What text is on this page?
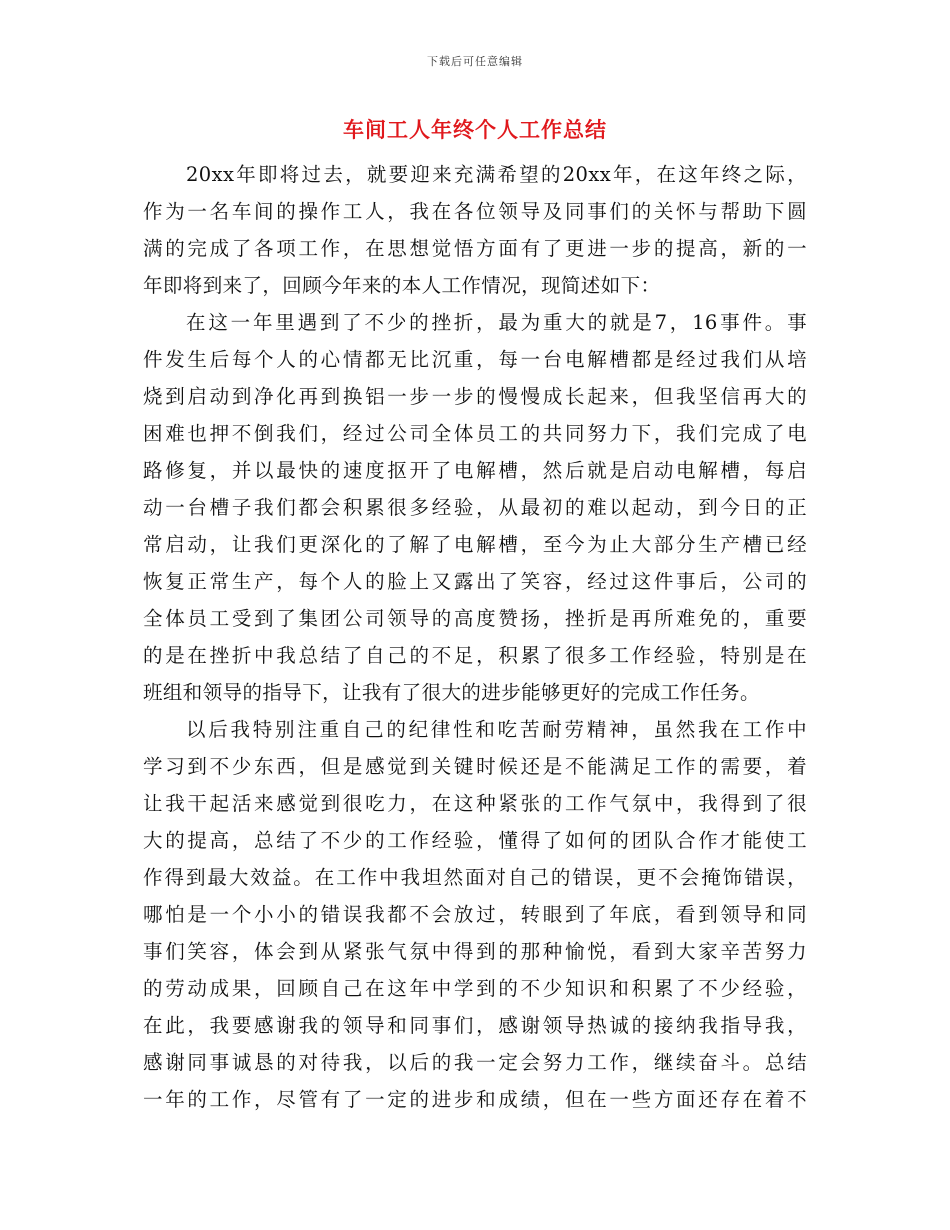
下载后可任意编辑
车间工人年终个人工作总结
20xx年即将过去，就要迎来充满希望的20xx年，在这年终之际，
作为一名车间的操作工人，我在各位领导及同事们的关怀与帮助下圆
满的完成了各项工作，在思想觉悟方面有了更进一步的提高，新的一
年即将到来了，回顾今年来的本人工作情况，现简述如下：
在这一年里遇到了不少的挫折，最为重大的就是7，16事件。事
件发生后每个人的心情都无比沉重，每一台电解槽都是经过我们从培
烧到启动到净化再到换铝一步一步的慢慢成长起来，但我坚信再大的
困难也押不倒我们，经过公司全体员工的共同努力下，我们完成了电
路修复，并以最快的速度抠开了电解槽，然后就是启动电解槽，每启
动一台槽子我们都会积累很多经验，从最初的难以起动，到今日的正
常启动，让我们更深化的了解了电解槽，至今为止大部分生产槽已经
恢复正常生产，每个人的脸上又露出了笑容，经过这件事后，公司的
全体员工受到了集团公司领导的高度赞扬，挫折是再所难免的，重要
的是在挫折中我总结了自己的不足，积累了很多工作经验，特别是在
班组和领导的指导下，让我有了很大的进步能够更好的完成工作任务。
以后我特别注重自己的纪律性和吃苦耐劳精神，虽然我在工作中
学习到不少东西，但是感觉到关键时候还是不能满足工作的需要，着
让我干起活来感觉到很吃力，在这种紧张的工作气氛中，我得到了很
大的提高，总结了不少的工作经验，懂得了如何的团队合作才能使工
作得到最大效益。在工作中我坦然面对自己的错误，更不会掩饰错误，
哪怕是一个小小的错误我都不会放过，转眼到了年底，看到领导和同
事们笑容，体会到从紧张气氛中得到的那种愉悦，看到大家辛苦努力
的劳动成果，回顾自己在这年中学到的不少知识和积累了不少经验，
在此，我要感谢我的领导和同事们，感谢领导热诚的接纳我指导我，
感谢同事诚恳的对待我，以后的我一定会努力工作，继续奋斗。总结
一年的工作，尽管有了一定的进步和成绩，但在一些方面还存在着不
